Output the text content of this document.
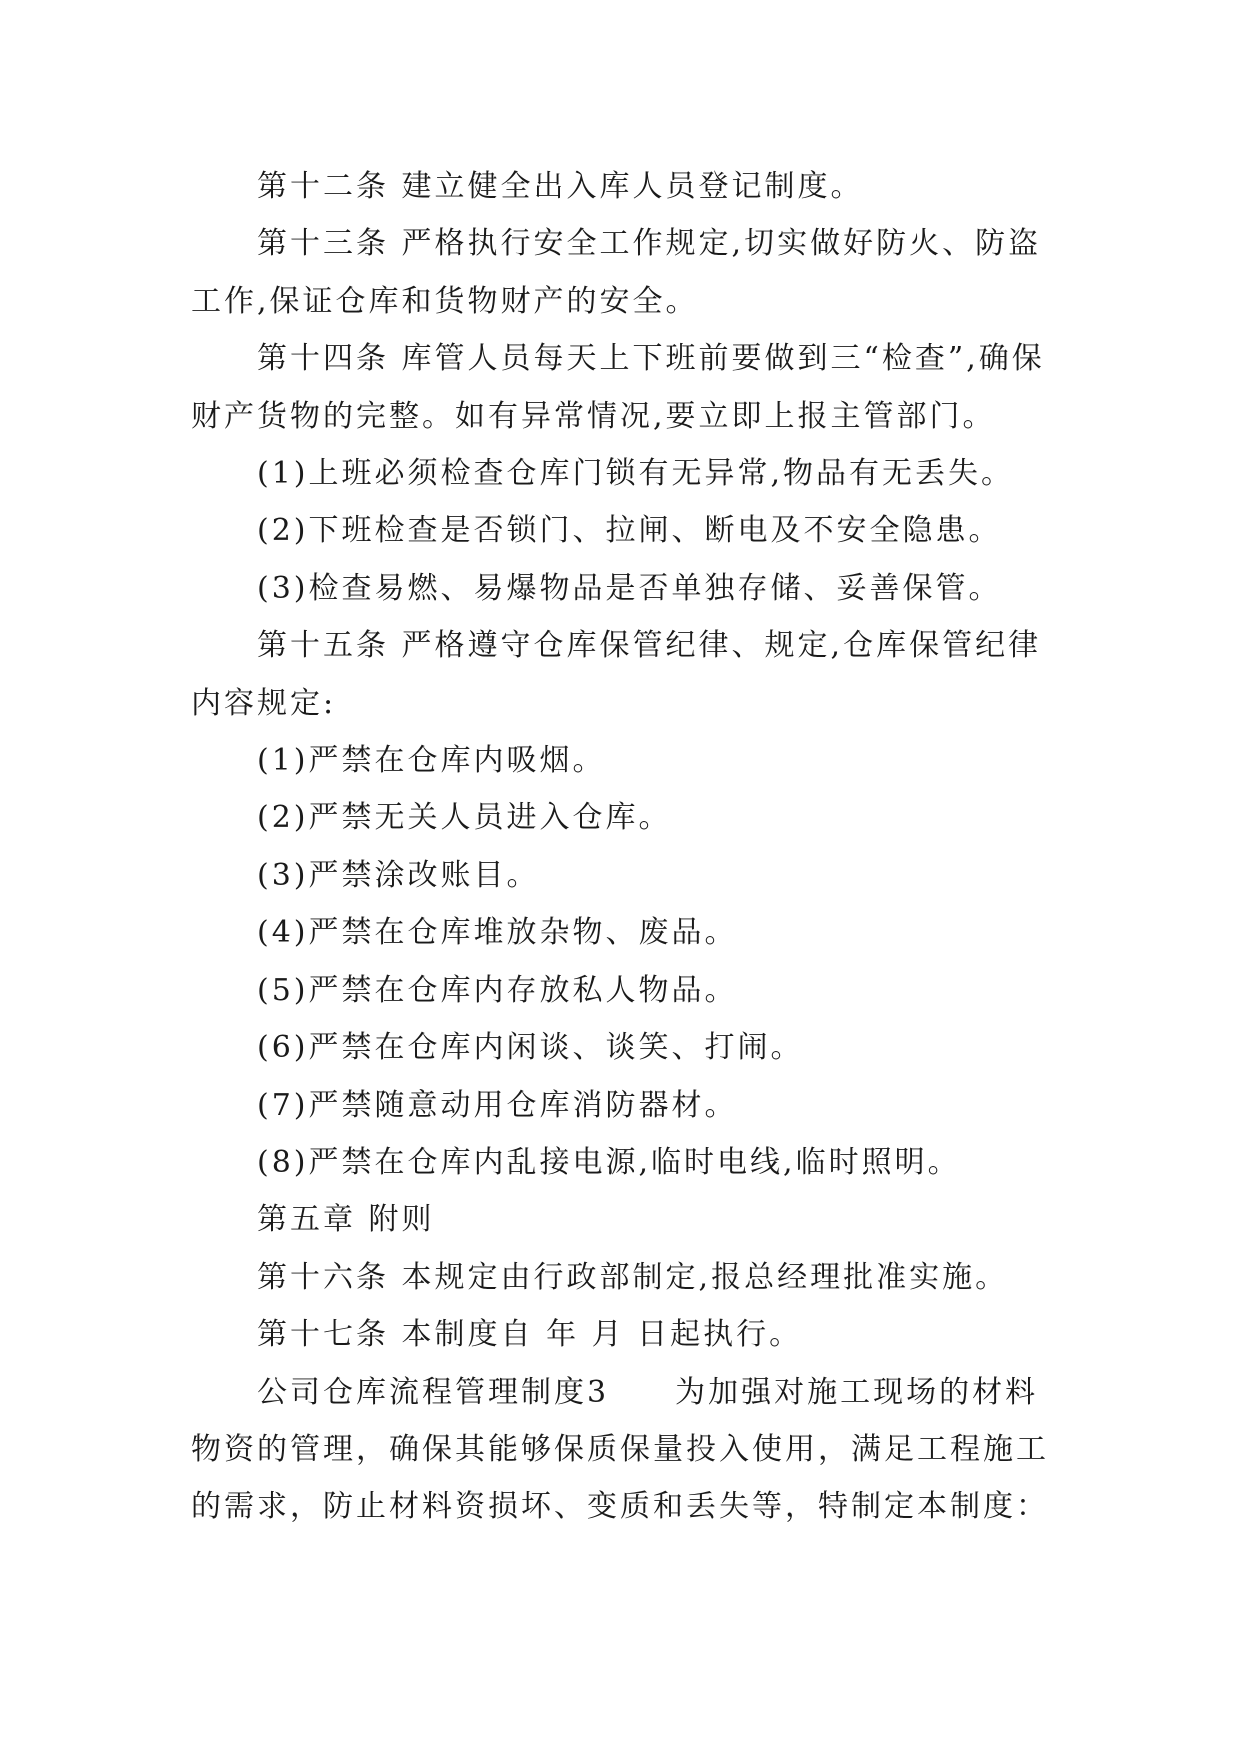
第十二条 建立健全出入库人员登记制度。

第十三条 严格执行安全工作规定,切实做好防火、防盗工作,保证仓库和货物财产的安全。

第十四条 库管人员每天上下班前要做到三“检查”,确保财产货物的完整。如有异常情况,要立即上报主管部门。

(1)上班必须检查仓库门锁有无异常,物品有无丢失。

(2)下班检查是否锁门、拉闸、断电及不安全隐患。

(3)检查易燃、易爆物品是否单独存储、妥善保管。

第十五条 严格遵守仓库保管纪律、规定,仓库保管纪律内容规定:

(1)严禁在仓库内吸烟。

(2)严禁无关人员进入仓库。

(3)严禁涂改账目。

(4)严禁在仓库堆放杂物、废品。

(5)严禁在仓库内存放私人物品。

(6)严禁在仓库内闲谈、谈笑、打闹。

(7)严禁随意动用仓库消防器材。

(8)严禁在仓库内乱接电源,临时电线,临时照明。

第五章 附则

第十六条 本规定由行政部制定,报总经理批准实施。

第十七条 本制度自 年 月 日起执行。

公司仓库流程管理制度3　　为加强对施工现场的材料物资的管理，确保其能够保质保量投入使用，满足工程施工的需求，防止材料资损坏、变质和丢失等，特制定本制度：
